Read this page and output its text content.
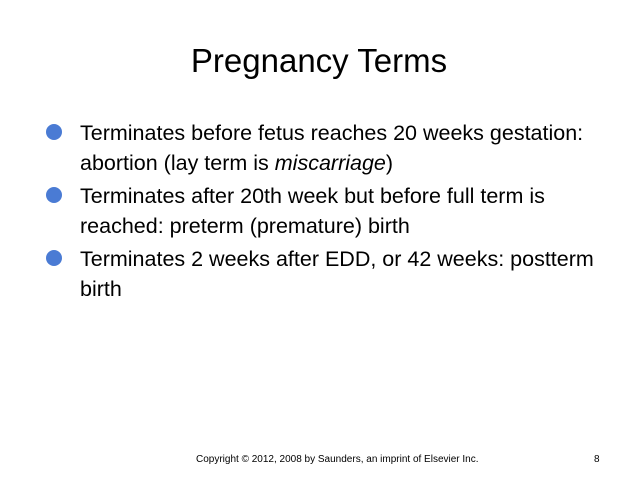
Pregnancy Terms
Terminates before fetus reaches 20 weeks gestation: abortion (lay term is miscarriage)
Terminates after 20th week but before full term is reached: preterm (premature) birth
Terminates 2 weeks after EDD, or 42 weeks: postterm birth
Copyright © 2012, 2008 by Saunders, an imprint of Elsevier Inc.	8
